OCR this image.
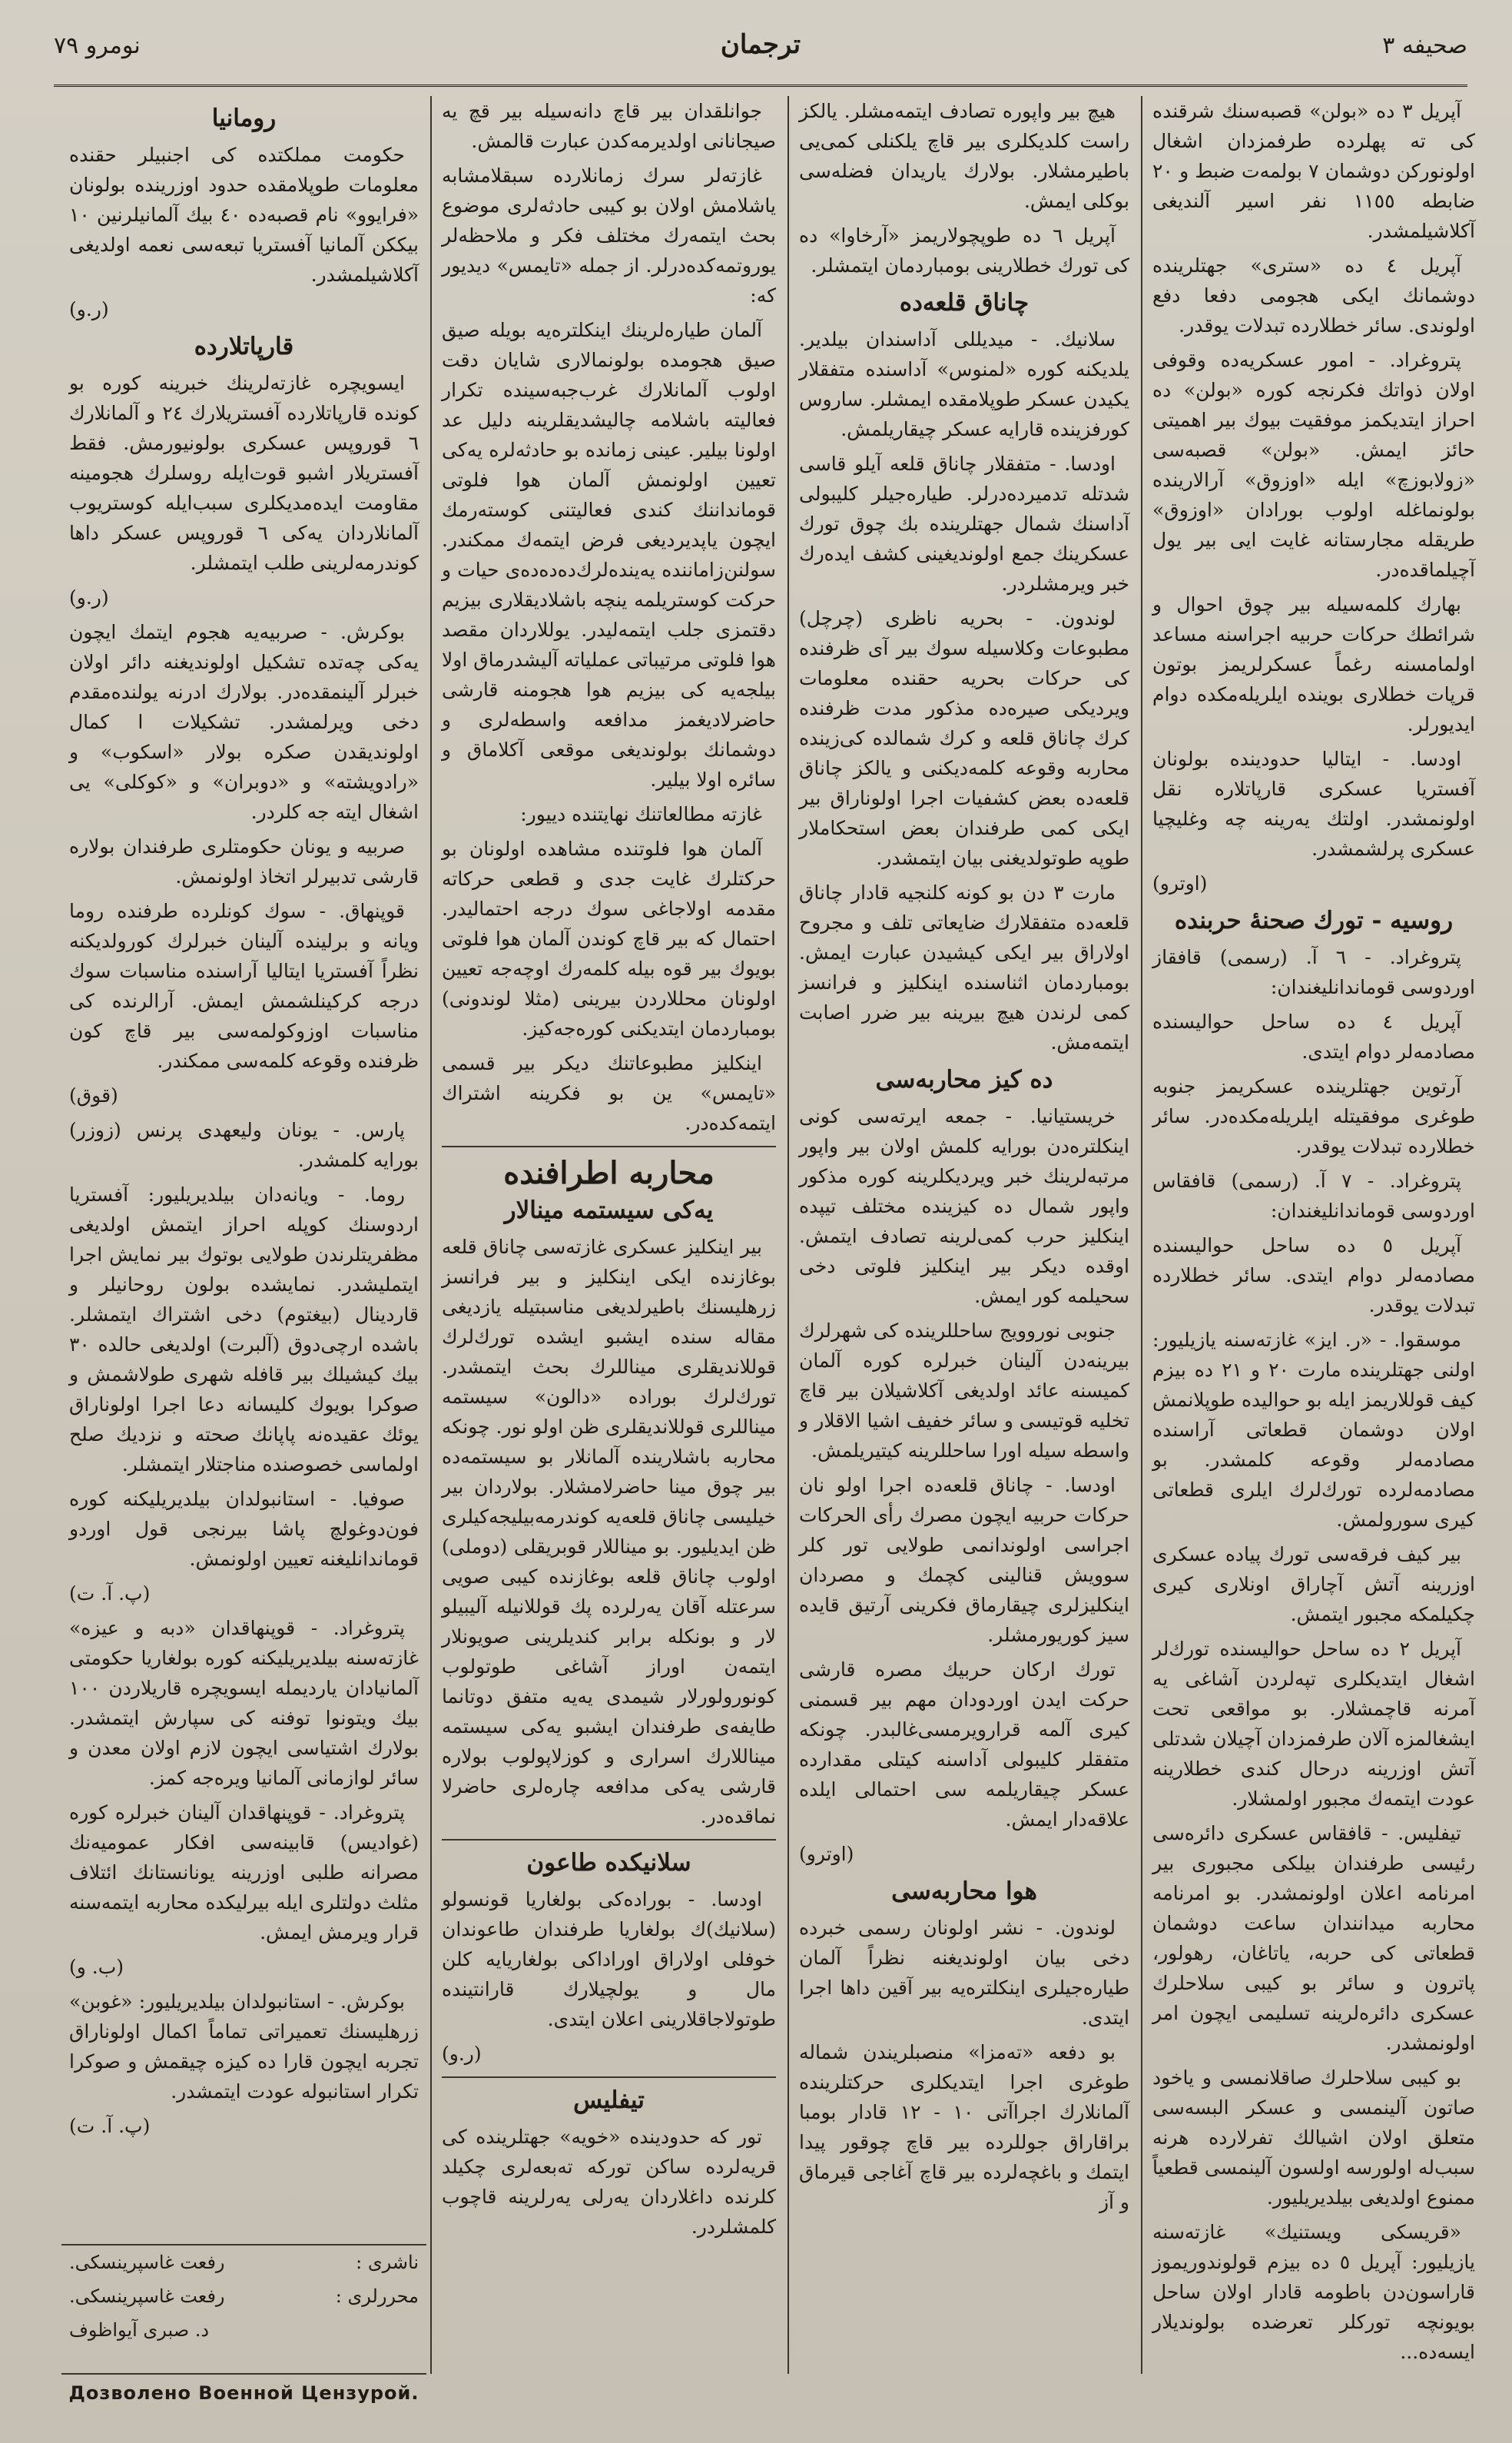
نومرو ٧٩	ترجمان	صحیفه ٣

آپریل ٣ ده «بولن» قصبه‌سنك شرقنده كی ته پهلرده طرفمزدان اشغال اولونوركن دوشمان ٧ بولمه‌ت ضبط و ٢٠ ضابطه ١١٥٥ نفر اسیر آلندیغی آكلاشیلمشدر.

آپریل ٤ ده «ستری» جهتلرینده دوشمانك ایكی هجومی دفعا دفع اولوندی. سائر خطلارده تبدلات یوقدر.

پتروغراد. - امور عسكریه‌ده وقوفی اولان ذواتك فكرنجه كوره «بولن» ده احراز ایتدیكمز موفقیت بیوك بیر اهمیتی حائز ایمش. «بولن» قصبه‌سی «زولابوزچ» ایله «اوزوق» آرالارینده بولونماغله اولوب بورادان «اوزوق» طریقله مجارستانه غایت ایی بیر یول آچیلماقده‌در.

بهارك كلمه‌سیله بیر چوق احوال و شرائطك حركات حربیه اجراسنه مساعد اولمامسنه رغماً عسكرلریمز بوتون قرپات خطلاری بوینده ایلریله‌مكده دوام ایدیورلر.

اودسا. - ایتالیا حدودینده بولونان آفستریا عسكری قارپاتلاره نقل اولونمشدر. اولتك یه‌رینه چه وغلیچیا عسكری پرلشمشدر.

(اوترو)
روسیه - تورك صحنهٔ حربنده

پتروغراد. - ٦ آ. (رسمی) قافقاز اوردوسی قوماندانلیغندان:

آپریل ٤ ده ساحل حوالیسنده مصادمه‌لر دوام ایتدی.

آرتوین جهتلرینده عسكریمز جنوبه طوغری موفقیتله ایلریله‌مكده‌در. سائر خطلارده تبدلات یوقدر.

پتروغراد. - ٧ آ. (رسمی) قافقاس اوردوسی قوماندانلیغندان:

آپریل ٥ ده ساحل حوالیسنده مصادمه‌لر دوام ایتدی. سائر خطلارده تبدلات یوقدر.

موسقوا. - «ر. ایز» غازته‌سنه یازیلیور: اولنی جهتلرینده مارت ٢٠ و ٢١ ده بیزم كیف قوللاریمز ایله بو حوالیده طوپلانمش اولان دوشمان قطعاتی آراسنده مصادمه‌لر وقوعه كلمشدر. بو مصادمه‌لرده تورك‌لرك ایلری قطعاتی كیری سورولمش.

بیر كیف فرقه‌سی تورك پیاده عسكری اوزرینه آتش آچاراق اونلاری كیری چكیلمكه مجبور ایتمش.

آپریل ٢ ده ساحل حوالیسنده تورك‌لر اشغال ایتدیكلری تپه‌لردن آشاغی یه آمرنه قاچمشلار. بو مواقعی تحت ایشغالمزه آلان طرفمزدان آچیلان شدتلی آتش اوزرینه درحال كندی خطلارینه عودت ایتمه‌ك مجبور اولمشلار.

تیفلیس. - قافقاس عسكری دائره‌سی رئیسی طرفندان بیلكی مجبوری بیر امرنامه اعلان اولونمشدر. بو امرنامه محاربه میدانندان ساعت دوشمان قطعاتی كی حربه، یاتاغان، رهولور، پاترون و سائر بو كیبی سلاحلرك عسكری دائره‌لرینه تسلیمی ایچون امر اولونمشدر.

بو كیبی سلاحلرك صاقلانمسی و یاخود صاتون آلینمسی و عسكر البسه‌سی متعلق اولان اشیالك تفرلارده هرنه سبب‌له اولورسه اولسون آلینمسی قطعیاً ممنوع اولدیغی بیلدیریلیور.

«قریسكی ویستنیك» غازته‌سنه یازیلیور: آپریل ٥ ده بیزم قولوندوریموز قاراسون‌دن باطومه قادار اولان ساحل بویونچه توركلر تعرضده بولوندیلار ایسه‌ده...

هیچ بیر واپوره تصادف ایتمه‌مشلر. یالكز راست كلدیكلری بیر قاچ یلكنلی كمی‌یی باطیرمشلار. بولارك یاریدان فضله‌سی بوكلی ایمش.

آپریل ٦ ده طوپچولاریمز «آرخاوا» ده كی تورك خطلارینی بومباردمان ایتمشلر.

چاناق قلعه‌ده

سلانیك. - میدیللی آداسندان بیلدیر. یلدیكنه كوره «لمنوس» آداسنده متفقلار یكیدن عسكر طوپلامقده ایمشلر. ساروس كورفزینده قارایه عسكر چیقاریلمش.

اودسا. - متفقلار چاناق قلعه آیلو قاسی شدتله تدمیرده‌درلر. طیاره‌جیلر كلیبولی آداسنك شمال جهتلرینده بك چوق تورك عسكرینك جمع اولوندیغینی كشف ایده‌رك خبر ویرمشلردر.

لوندون. - بحریه ناظری (چرچل) مطبوعات وكلاسیله سوك بیر آی ظرفنده كی حركات بحریه حقنده معلومات ویردیكی صیره‌ده مذكور مدت ظرفنده كرك چاناق قلعه و كرك شمالده كی‌زینده محاربه وقوعه كلمه‌دیكنی و یالكز چاناق قلعه‌ده بعض كشفیات اجرا اولوناراق بیر ایكی كمی طرفندان بعض استحكاملار طوپه طوتولدیغنی بیان ایتمشدر.

مارت ٣ دن بو كونه كلنجیه قادار چاناق قلعه‌ده متفقلارك ضایعاتی تلف و مجروح اولاراق بیر ایكی كیشیدن عبارت ایمش. بومباردمان اثناسنده اینكلیز و فرانسز كمی لرندن هیچ بیرینه بیر ضرر اصابت ایتمه‌مش.

ده كیز محاربه‌سی

خریستیانیا. - جمعه ایرته‌سی كونی اینكلتره‌دن بورایه كلمش اولان بیر واپور مرتبه‌لرینك خبر ویردیكلرینه كوره مذكور واپور شمال ده كیزینده مختلف تیپده اینكلیز حرب كمی‌لرینه تصادف ایتمش. اوقده دیكر بیر اینكلیز فلوتی دخی سحیلمه كور ایمش.

جنوبی نوروویج ساحللرینده كی شهرلرك بیرینه‌دن آلینان خبرلره كوره آلمان كمیسنه عائد اولدیغی آكلاشیلان بیر قاچ تخلیه قوتیسی و سائر خفیف اشیا الاقلار و واسطه سیله اورا ساحللرینه كیتیریلمش.

اودسا. - چاناق قلعه‌ده اجرا اولو نان حركات حربیه ایچون مصرك رأی الحركات اجراسی اولوندانمی طولایی تور كلر سوویش قنالینی كچمك و مصردان اینكلیزلری چیقارماق فكرینی آرتیق قایده سیز كوریورمشلر.

تورك ارکان حربیك مصره قارشی حركت ایدن اوردودان مهم بیر قسمنی كیری آلمه قرارویرمسی‌غالبدر. چونكه متفقلر كلیبولی آداسنه كیتلی مقدارده عسكر چیقاریلمه سی احتمالی ایلده علاقه‌دار ایمش.

(اوترو)
هوا محاربه‌سی

لوندون. - نشر اولونان رسمی خبرده دخی بیان اولوندیغنه نظراً آلمان طیاره‌جیلری اینكلتره‌یه بیر آقین داها اجرا ایتدی.

بو دفعه «تەمزا» منصبلریندن شماله طوغری اجرا ایتدیكلری حركتلرینده آلمانلارك اجراآتی ١٠ - ١٢ قادار بومبا براقاراق جوللرده بیر قاچ چوقور پیدا ایتمك و باغچه‌لرده بیر قاچ آغاجی قیرماق و آز

جوانلقدان بیر قاچ دانه‌سیله بیر قچ یه صیجانانی اولدیرمه‌كدن عبارت قالمش.

غازته‌لر سرك زمانلارده سبقلامشابه یاشلامش اولان بو كیبی حادثه‌لری موضوع بحث ایتمه‌رك مختلف فكر و ملاحظه‌لر یوروتمه‌كده‌درلر. از جمله «تایمس» دیدیور كه:

آلمان طیاره‌لرینك اینكلتره‌یه بویله صیق صیق هجومده بولونمالاری شایان دقت اولوب آلمانلارك غرب‌جبه‌سینده تكرار فعالیته باشلامه چالیشدیقلرینه دلیل عد اولونا بیلیر. عینی زمانده بو حادثه‌لره یه‌كی تعیین اولونمش آلمان هوا فلوتی قومانداننك كندی فعالیتنی كوسته‌رمك ایچون یاپدیردیغی فرض ایتمه‌ك ممكندر. سولنن‌زاماننده یه‌ینده‌لرك‌ده‌ده‌ده‌ی حیات و حركت كوستریلمه‌ ینچه باشلادیقلاری بیزیم دقتمزی جلب ایتمه‌لیدر. یوللاردان مقصد هوا فلوتی مرتیباتی عملیاته آلیشدرماق اولا بیلجه‌یه كی بیزیم هوا هجومنه قارشی حاضرلادیغمز مدافعه واسطه‌لری و دوشمانك بولوندیغی موقعی آكلاماق و سائره اولا بیلیر.

غازته مطالعاتنك نهایتنده دییور:

آلمان هوا فلوتنده مشاهده اولونان بو حركتلرك غایت جدی و قطعی حركاته مقدمه اولاجاغی سوك درجه احتمالیدر. احتمال كه بیر قاچ كوندن آلمان هوا فلوتی بویوك بیر قوه بیله كلمه‌رك اوچه‌جه تعیین اولونان محللاردن بیرینی (مثلا لوندونی) بومباردمان ایتدیكنی كوره‌جه‌كیز.

اینكلیز مطبوعاتنك دیكر بیر قسمی «تایمس» ین بو فكرینه اشتراك ایتمه‌كده‌در.

محاربه اطرافنده
یه‌كی سیستمه مینالار

بیر اینكلیز عسكری غازته‌سی چاناق قلعه بوغازنده ایكی اینكلیز و بیر فرانسز زرهلیسنك باطیرلدیغی مناسبتیله یازدیغی مقاله سنده ایشبو ایشده تورك‌لرك قوللاندیقلری میناللرك بحث ایتمشدر. تورك‌لرك بوراده «دالون» سیستمه میناللری قوللاندیقلری ظن اولو نور. چونكه محاربه باشلارینده آلمانلار بو سیستمه‌ده بیر چوق مینا حاضرلامشلار. بولاردان بیر خیلیسی چاناق قلعه‌یه كوندرمه‌بیلیجه‌كیلری ظن ایدیلیور. بو میناللار قوبریقلی (دوملی) اولوب چاناق قلعه بوغازنده كیبی صویی سرعتله آقان یه‌رلرده پك قوللانیله آلیبیلو لار و بونكله برابر كندیلرینی صویونلار ایتمه‌ن اوراز آشاغی طوتولوب كونورولورلار شیمدی یه‌یه متفق دوتانما طایفه‌ی طرفندان ایشبو یه‌كی سیستمه میناللارك اسراری و كوزلاپولوب بولاره قارشی یه‌كی مدافعه چاره‌لری حاضرلا نماقده‌در.

سلانیكده طاعون

اودسا. - بوراده‌كی بولغاریا قونسولو (سلانیك)ك بولغاریا طرفندان طاعوندان خوفلی اولاراق اوراداكی بولغاریایه كلن مال و یولچیلارك قارانتینده طوتولاجاقلارینی اعلان ایتدی.

(ر.و)
تیفلیس

تور كه حدودینده «خویه» جهتلرینده كی قریه‌لرده ساكن توركه ته‌بعه‌لری چكیلد كلرنده داغلاردان یه‌رلی یه‌رلرینه قاچوب كلمشلردر.

رومانیا

حكومت مملكتده كی اجنبیلر حقنده معلومات طوپلامقده حدود اوزرینده بولونان «فرایوو» نام قصبه‌ده ٤٠ بیك آلمانیلرنین ١٠ بیككن آلمانیا آفستریا تبعه‌سی نعمه اولدیغی آكلاشیلمشدر.

(ر.و)
قارپاتلارده

ایسویچره غازته‌لرینك خبرینه كوره بو كونده قارپاتلارده آفستریلارك ٢٤ و آلمانلارك ٦ قوروپس عسكری بولونیورمش. فقط آفستریلار اشبو قوت‌ایله روسلرك هجومینه مقاومت ایده‌مدیكلری سبب‌ایله كوستریوب آلمانلاردان یه‌كی ٦ قوروپس عسكر داها كوندرمه‌لرینی طلب ایتمشلر.

(ر.و)

بوكرش. - صربیه‌یه هجوم ایتمك ایچون یه‌كی چه‌تده تشكیل اولوندیغنه دائر اولان خبرلر آلینمقده‌در. بولارك ادرنه یولنده‌مقدم دخی ویرلمشدر. تشكیلات ا كمال اولوندیقدن صكره بولار «اسكوب» و «رادویشته» و «دوبران» و «كوكلی» یی اشغال ایته جه كلردر.

صربیه و یونان حكومتلری طرفندان بولاره قارشی تدبیرلر اتخاذ اولونمش.

قوپنهاق. - سوك كونلرده طرفنده روما ویانه و برلینده آلینان خبرلرك كورولدیكنه نظراً آفستریا ایتالیا آراسنده مناسبات سوك درجه كركینلشمش ایمش. آرالرنده كی مناسبات اوزوكولمه‌سی بیر قاچ كون ظرفنده وقوعه كلمه‌سی ممكندر.

(قوق)

پارس. - یونان ولیعهدی پرنس (زوزر) بورایه كلمشدر.

روما. - ویانه‌دان بیلدیریلیور: آفستریا اردوسنك كوپله احراز ایتمش اولدیغی مظفریتلرندن طولایی بوتوك بیر نمایش اجرا ایتملیشدر. نمایشده بولون روحانیلر و قاردینال (بیغتوم) دخی اشتراك ایتمشلر. باشده ارچی‌دوق (آلبرت) اولدیغی حالده ٣٠ بیك كیشیلك بیر قافله شهری طولاشمش و صوكرا بویوك كلیسانه دعا اجرا اولوناراق یوئك عقیده‌نه پاپانك صحته و نزدیك صلح اولماسی خصوصنده مناجتلار ایتمشلر.

صوفیا. - استانبولدان بیلدیریلیكنه كوره فون‌دوغولچ پاشا بیرنجی قول اوردو قوماندانلیغنه تعیین اولونمش.

(پ. آ. ت)

پتروغراد. - قوپنهاقدان «دبه و عیزه» غازته‌سنه بیلدیریلیكنه كوره بولغاریا حكومتی آلمانیادان یاردیمله ایسویچره قاریلاردن ١٠٠ بیك ویتونوا توفنه كی سپارش ایتمشدر. بولارك اشتیاسی ایچون لازم اولان معدن و سائر لوازمانی آلمانیا ویره‌جه كمز.

پتروغراد. - قوپنهاقدان آلینان خبرلره كوره (غوادیس) قابینه‌سی افكار عمومیه‌نك مصرانه طلبی اوزرینه یونانستانك ائتلاف مثلث دولتلری ایله بیرلیكده محاربه ایتمه‌سنه قرار ویرمش ایمش.

(ب. و)

بوكرش. - استانبولدان بیلدیریلیور: «غوبن» زرهلیسنك تعمیراتی تماماً اكمال اولوناراق تجربه ایچون قارا ده كیزه چیقمش و صوكرا تكرار استانبوله عودت ایتمشدر.

(پ. آ. ت)
ناشری :
رفعت غاسپرینسكی.
محررلری :
رفعت غاسپرینسكی.
د. صبری آیواظوف
Дозволено Военной Цензурой.
